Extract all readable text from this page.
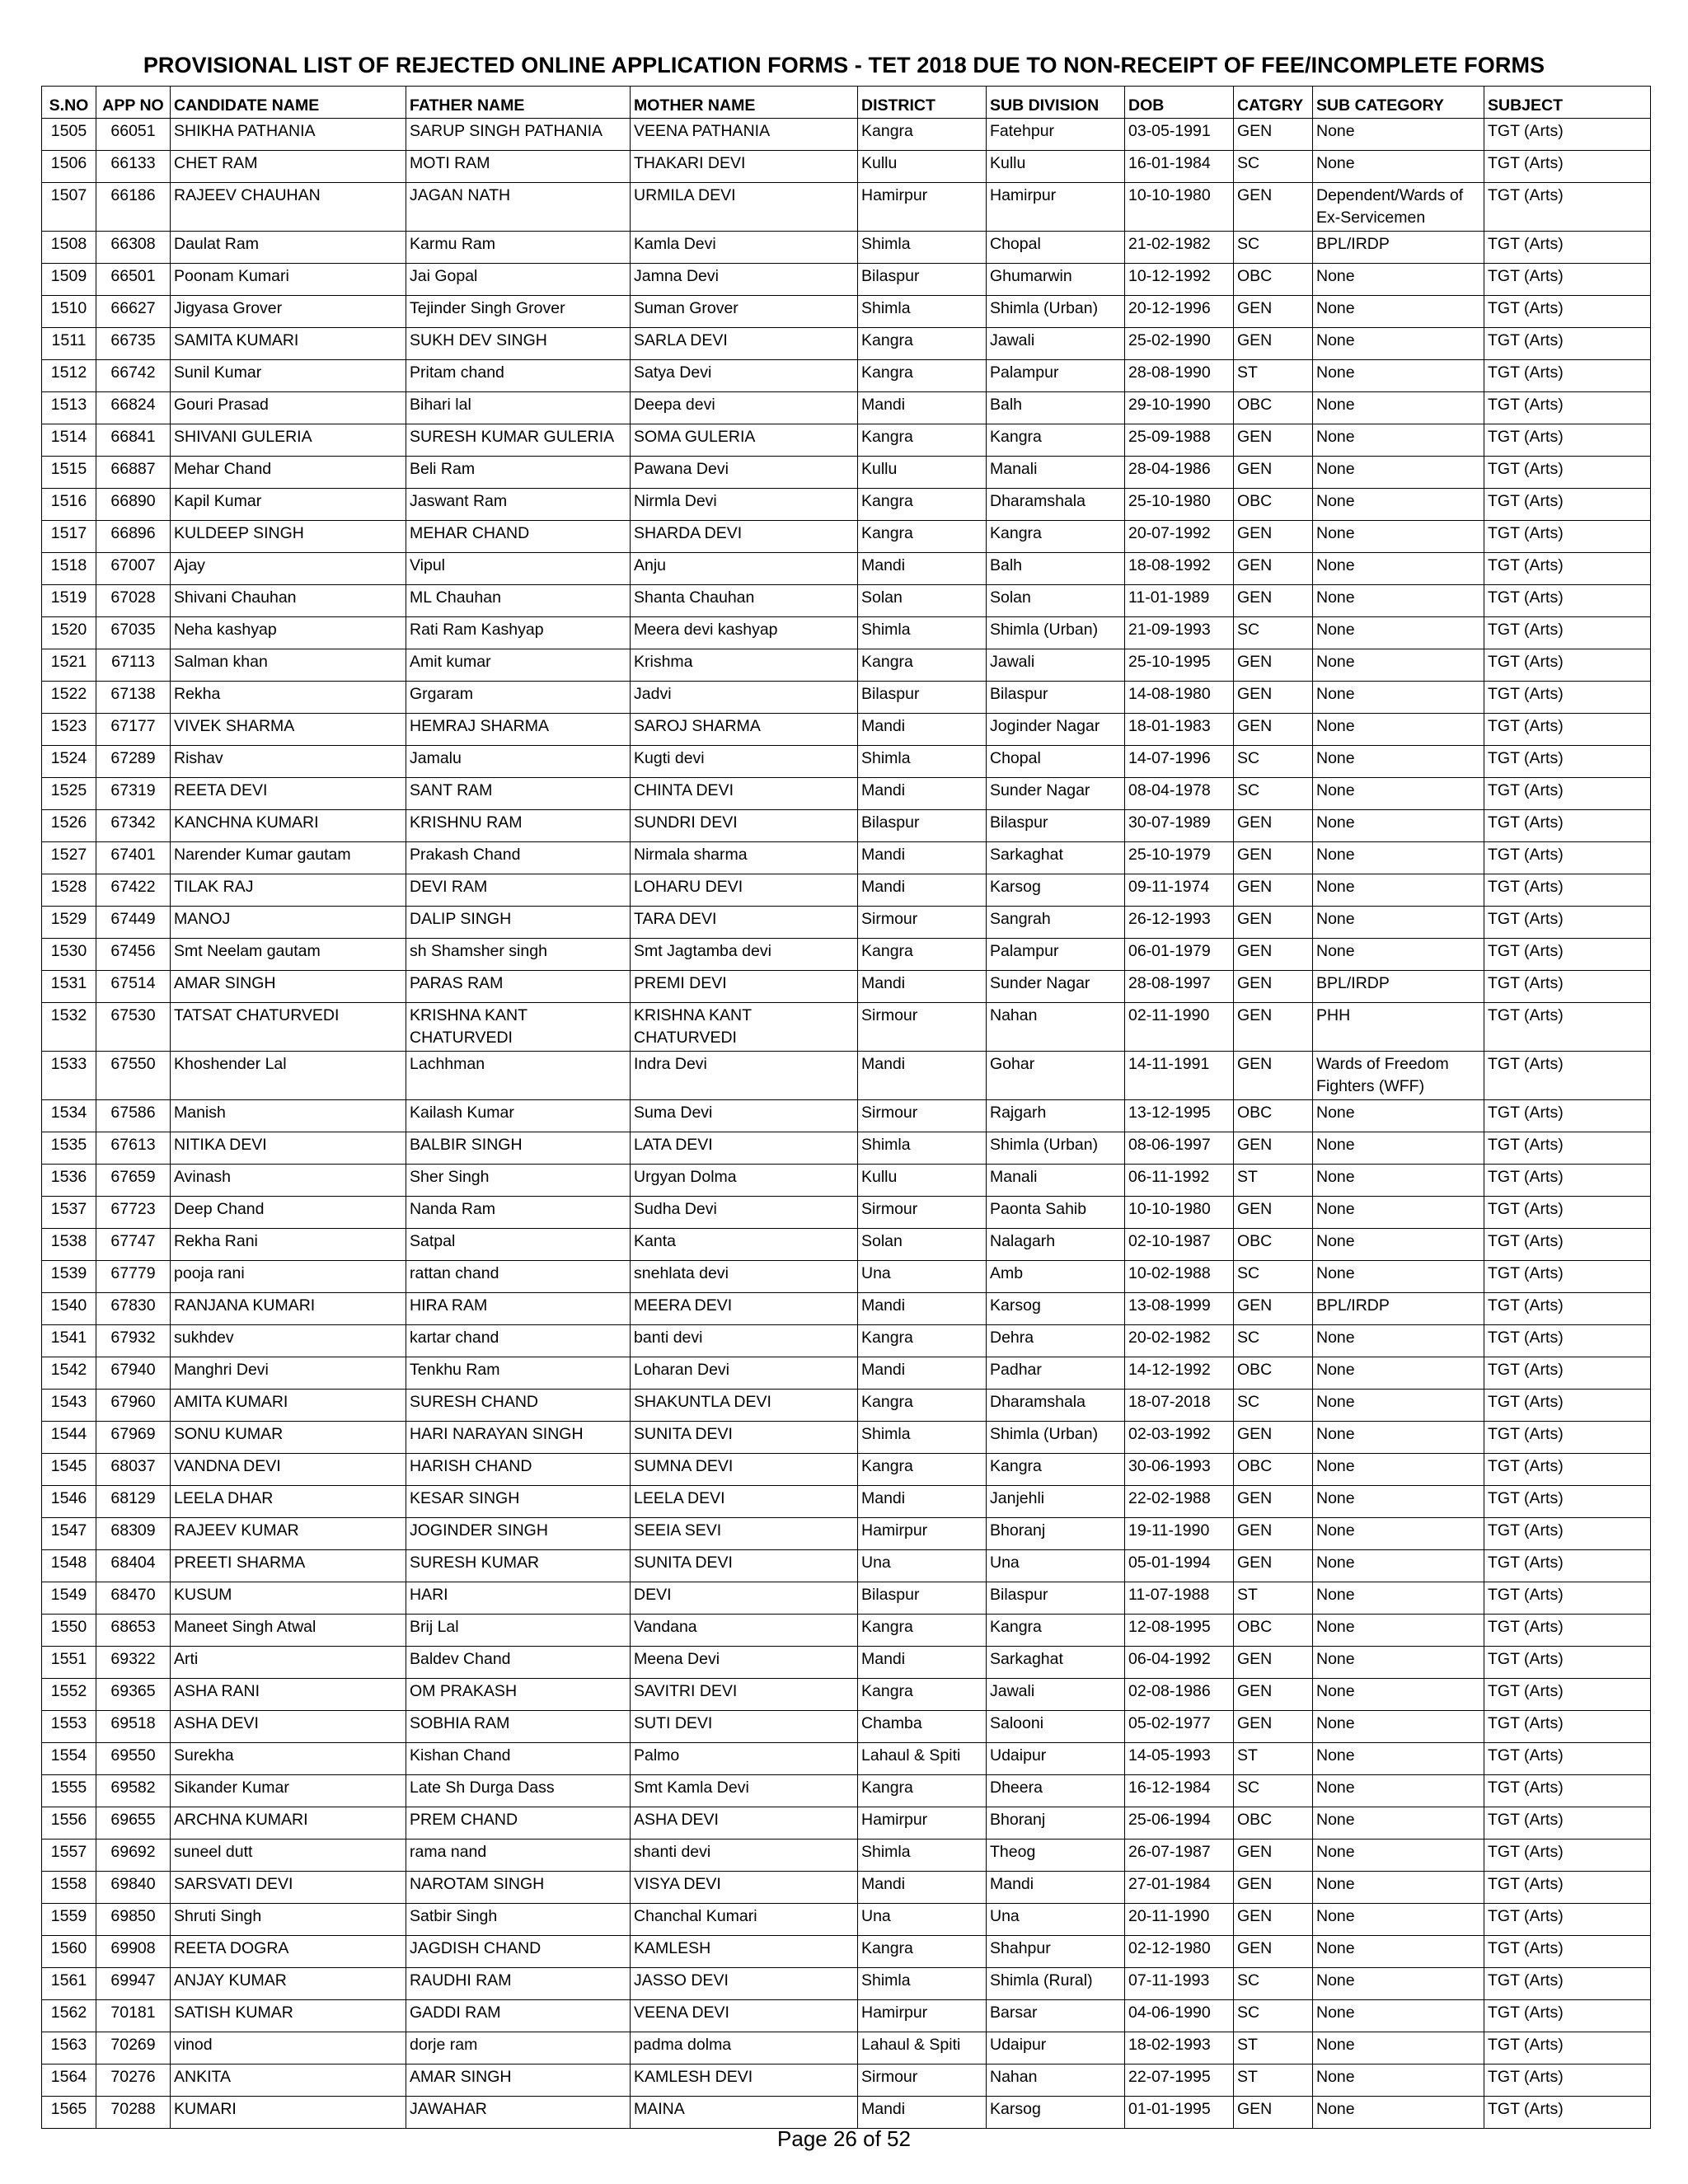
PROVISIONAL LIST OF REJECTED ONLINE APPLICATION FORMS - TET 2018 DUE TO NON-RECEIPT OF FEE/INCOMPLETE FORMS
S.NO	APP NO	CANDIDATE NAME	FATHER NAME	MOTHER NAME	DISTRICT	SUB DIVISION	DOB	CATGRY	SUB CATEGORY	SUBJECT
1505	66051	SHIKHA PATHANIA	SARUP SINGH PATHANIA	VEENA PATHANIA	Kangra	Fatehpur	03-05-1991	GEN	None	TGT (Arts)
1506	66133	CHET RAM	MOTI RAM	THAKARI DEVI	Kullu	Kullu	16-01-1984	SC	None	TGT (Arts)
1507	66186	RAJEEV CHAUHAN	JAGAN NATH	URMILA DEVI	Hamirpur	Hamirpur	10-10-1980	GEN	Dependent/Wards of Ex-Servicemen	TGT (Arts)
1508	66308	Daulat Ram	Karmu Ram	Kamla Devi	Shimla	Chopal	21-02-1982	SC	BPL/IRDP	TGT (Arts)
1509	66501	Poonam Kumari	Jai Gopal	Jamna Devi	Bilaspur	Ghumarwin	10-12-1992	OBC	None	TGT (Arts)
1510	66627	Jigyasa Grover	Tejinder Singh Grover	Suman Grover	Shimla	Shimla (Urban)	20-12-1996	GEN	None	TGT (Arts)
1511	66735	SAMITA KUMARI	SUKH DEV SINGH	SARLA DEVI	Kangra	Jawali	25-02-1990	GEN	None	TGT (Arts)
1512	66742	Sunil Kumar	Pritam chand	Satya Devi	Kangra	Palampur	28-08-1990	ST	None	TGT (Arts)
1513	66824	Gouri Prasad	Bihari lal	Deepa devi	Mandi	Balh	29-10-1990	OBC	None	TGT (Arts)
1514	66841	SHIVANI GULERIA	SURESH KUMAR GULERIA	SOMA GULERIA	Kangra	Kangra	25-09-1988	GEN	None	TGT (Arts)
1515	66887	Mehar Chand	Beli Ram	Pawana Devi	Kullu	Manali	28-04-1986	GEN	None	TGT (Arts)
1516	66890	Kapil Kumar	Jaswant Ram	Nirmla Devi	Kangra	Dharamshala	25-10-1980	OBC	None	TGT (Arts)
1517	66896	KULDEEP SINGH	MEHAR CHAND	SHARDA DEVI	Kangra	Kangra	20-07-1992	GEN	None	TGT (Arts)
1518	67007	Ajay	Vipul	Anju	Mandi	Balh	18-08-1992	GEN	None	TGT (Arts)
1519	67028	Shivani Chauhan	ML Chauhan	Shanta Chauhan	Solan	Solan	11-01-1989	GEN	None	TGT (Arts)
1520	67035	Neha kashyap	Rati Ram Kashyap	Meera devi kashyap	Shimla	Shimla (Urban)	21-09-1993	SC	None	TGT (Arts)
1521	67113	Salman khan	Amit kumar	Krishma	Kangra	Jawali	25-10-1995	GEN	None	TGT (Arts)
1522	67138	Rekha	Grgaram	Jadvi	Bilaspur	Bilaspur	14-08-1980	GEN	None	TGT (Arts)
1523	67177	VIVEK SHARMA	HEMRAJ SHARMA	SAROJ SHARMA	Mandi	Joginder Nagar	18-01-1983	GEN	None	TGT (Arts)
1524	67289	Rishav	Jamalu	Kugti devi	Shimla	Chopal	14-07-1996	SC	None	TGT (Arts)
1525	67319	REETA DEVI	SANT RAM	CHINTA DEVI	Mandi	Sunder Nagar	08-04-1978	SC	None	TGT (Arts)
1526	67342	KANCHNA KUMARI	KRISHNU RAM	SUNDRI DEVI	Bilaspur	Bilaspur	30-07-1989	GEN	None	TGT (Arts)
1527	67401	Narender Kumar gautam	Prakash Chand	Nirmala sharma	Mandi	Sarkaghat	25-10-1979	GEN	None	TGT (Arts)
1528	67422	TILAK RAJ	DEVI RAM	LOHARU DEVI	Mandi	Karsog	09-11-1974	GEN	None	TGT (Arts)
1529	67449	MANOJ	DALIP SINGH	TARA DEVI	Sirmour	Sangrah	26-12-1993	GEN	None	TGT (Arts)
1530	67456	Smt Neelam gautam	sh Shamsher singh	Smt Jagtamba devi	Kangra	Palampur	06-01-1979	GEN	None	TGT (Arts)
1531	67514	AMAR SINGH	PARAS RAM	PREMI DEVI	Mandi	Sunder Nagar	28-08-1997	GEN	BPL/IRDP	TGT (Arts)
1532	67530	TATSAT CHATURVEDI	KRISHNA KANT CHATURVEDI	KRISHNA KANT CHATURVEDI	Sirmour	Nahan	02-11-1990	GEN	PHH	TGT (Arts)
1533	67550	Khoshender Lal	Lachhman	Indra Devi	Mandi	Gohar	14-11-1991	GEN	Wards of Freedom Fighters (WFF)	TGT (Arts)
1534	67586	Manish	Kailash Kumar	Suma Devi	Sirmour	Rajgarh	13-12-1995	OBC	None	TGT (Arts)
1535	67613	NITIKA DEVI	BALBIR SINGH	LATA DEVI	Shimla	Shimla (Urban)	08-06-1997	GEN	None	TGT (Arts)
1536	67659	Avinash	Sher Singh	Urgyan Dolma	Kullu	Manali	06-11-1992	ST	None	TGT (Arts)
1537	67723	Deep Chand	Nanda Ram	Sudha Devi	Sirmour	Paonta Sahib	10-10-1980	GEN	None	TGT (Arts)
1538	67747	Rekha Rani	Satpal	Kanta	Solan	Nalagarh	02-10-1987	OBC	None	TGT (Arts)
1539	67779	pooja rani	rattan chand	snehlata devi	Una	Amb	10-02-1988	SC	None	TGT (Arts)
1540	67830	RANJANA KUMARI	HIRA RAM	MEERA DEVI	Mandi	Karsog	13-08-1999	GEN	BPL/IRDP	TGT (Arts)
1541	67932	sukhdev	kartar chand	banti devi	Kangra	Dehra	20-02-1982	SC	None	TGT (Arts)
1542	67940	Manghri Devi	Tenkhu Ram	Loharan Devi	Mandi	Padhar	14-12-1992	OBC	None	TGT (Arts)
1543	67960	AMITA KUMARI	SURESH CHAND	SHAKUNTLA DEVI	Kangra	Dharamshala	18-07-2018	SC	None	TGT (Arts)
1544	67969	SONU KUMAR	HARI NARAYAN SINGH	SUNITA DEVI	Shimla	Shimla (Urban)	02-03-1992	GEN	None	TGT (Arts)
1545	68037	VANDNA DEVI	HARISH CHAND	SUMNA DEVI	Kangra	Kangra	30-06-1993	OBC	None	TGT (Arts)
1546	68129	LEELA DHAR	KESAR SINGH	LEELA DEVI	Mandi	Janjehli	22-02-1988	GEN	None	TGT (Arts)
1547	68309	RAJEEV KUMAR	JOGINDER SINGH	SEEIA SEVI	Hamirpur	Bhoranj	19-11-1990	GEN	None	TGT (Arts)
1548	68404	PREETI SHARMA	SURESH KUMAR	SUNITA DEVI	Una	Una	05-01-1994	GEN	None	TGT (Arts)
1549	68470	KUSUM	HARI	DEVI	Bilaspur	Bilaspur	11-07-1988	ST	None	TGT (Arts)
1550	68653	Maneet Singh Atwal	Brij Lal	Vandana	Kangra	Kangra	12-08-1995	OBC	None	TGT (Arts)
1551	69322	Arti	Baldev Chand	Meena Devi	Mandi	Sarkaghat	06-04-1992	GEN	None	TGT (Arts)
1552	69365	ASHA RANI	OM PRAKASH	SAVITRI DEVI	Kangra	Jawali	02-08-1986	GEN	None	TGT (Arts)
1553	69518	ASHA DEVI	SOBHIA RAM	SUTI DEVI	Chamba	Salooni	05-02-1977	GEN	None	TGT (Arts)
1554	69550	Surekha	Kishan Chand	Palmo	Lahaul & Spiti	Udaipur	14-05-1993	ST	None	TGT (Arts)
1555	69582	Sikander Kumar	Late Sh Durga Dass	Smt Kamla Devi	Kangra	Dheera	16-12-1984	SC	None	TGT (Arts)
1556	69655	ARCHNA KUMARI	PREM CHAND	ASHA DEVI	Hamirpur	Bhoranj	25-06-1994	OBC	None	TGT (Arts)
1557	69692	suneel dutt	rama nand	shanti devi	Shimla	Theog	26-07-1987	GEN	None	TGT (Arts)
1558	69840	SARSVATI DEVI	NAROTAM SINGH	VISYA DEVI	Mandi	Mandi	27-01-1984	GEN	None	TGT (Arts)
1559	69850	Shruti Singh	Satbir Singh	Chanchal Kumari	Una	Una	20-11-1990	GEN	None	TGT (Arts)
1560	69908	REETA DOGRA	JAGDISH CHAND	KAMLESH	Kangra	Shahpur	02-12-1980	GEN	None	TGT (Arts)
1561	69947	ANJAY KUMAR	RAUDHI RAM	JASSO DEVI	Shimla	Shimla (Rural)	07-11-1993	SC	None	TGT (Arts)
1562	70181	SATISH KUMAR	GADDI RAM	VEENA DEVI	Hamirpur	Barsar	04-06-1990	SC	None	TGT (Arts)
1563	70269	vinod	dorje ram	padma dolma	Lahaul & Spiti	Udaipur	18-02-1993	ST	None	TGT (Arts)
1564	70276	ANKITA	AMAR SINGH	KAMLESH DEVI	Sirmour	Nahan	22-07-1995	ST	None	TGT (Arts)
1565	70288	KUMARI	JAWAHAR	MAINA	Mandi	Karsog	01-01-1995	GEN	None	TGT (Arts)
Page 26 of 52
